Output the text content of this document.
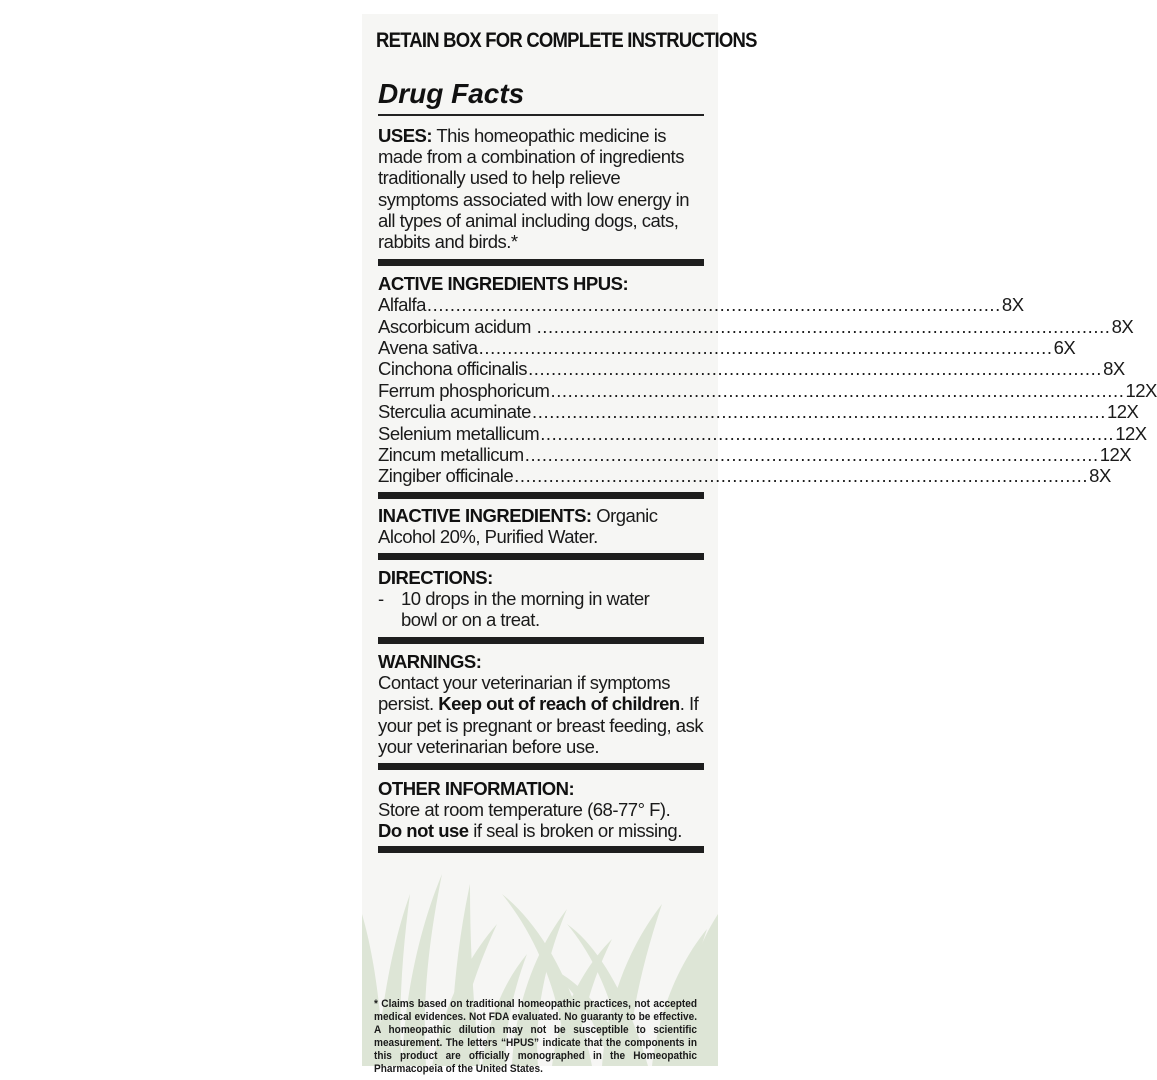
RETAIN BOX FOR COMPLETE INSTRUCTIONS
Drug Facts
USES: This homeopathic medicine is made from a combination of ingredients traditionally used to help relieve symptoms associated with low energy in all types of animal including dogs, cats, rabbits and birds.*
ACTIVE INGREDIENTS HPUS:
Alfalfa .....	8X
Ascorbicum acidum .....	8X
Avena sativa .....	6X
Cinchona officinalis .....	8X
Ferrum phosphoricum .....	12X
Sterculia acuminate .....	12X
Selenium metallicum .....	12X
Zincum metallicum .....	12X
Zingiber officinale .....	8X
INACTIVE INGREDIENTS: Organic Alcohol 20%, Purified Water.
DIRECTIONS:
- 10 drops in the morning in water bowl or on a treat.
WARNINGS:
Contact your veterinarian if symptoms persist. Keep out of reach of children. If your pet is pregnant or breast feeding, ask your veterinarian before use.
OTHER INFORMATION:
Store at room temperature (68-77° F).
Do not use if seal is broken or missing.
* Claims based on traditional homeopathic practices, not accepted medical evidences. Not FDA evaluated. No guaranty to be effective. A homeopathic dilution may not be susceptible to scientific measurement. The letters “HPUS” indicate that the components in this product are officially monographed in the Homeopathic Pharmacopeia of the United States.
